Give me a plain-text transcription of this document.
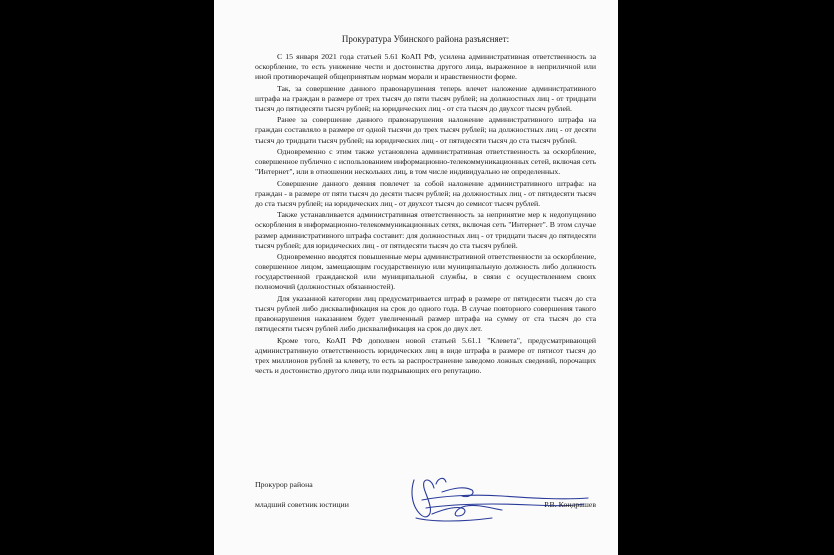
Прокуратура Убинского района разъясняет:

С 15 января 2021 года статьей 5.61 КоАП РФ, усилена административная ответственность за оскорбление, то есть унижение чести и достоинства другого лица, выраженное в неприличной или иной противоречащей общепринятым нормам морали и нравственности форме.

Так, за совершение данного правонарушения теперь влечет наложение административного штрафа на граждан в размере от трех тысяч до пяти тысяч рублей; на должностных лиц - от тридцати тысяч до пятидесяти тысяч рублей; на юридических лиц - от ста тысяч до двухсот тысяч рублей.

Ранее за совершение данного правонарушения наложение административного штрафа на граждан составляло в размере от одной тысячи до трех тысяч рублей; на должностных лиц - от десяти тысяч до тридцати тысяч рублей; на юридических лиц - от пятидесяти тысяч до ста тысяч рублей.

Одновременно с этим также установлена административная ответственность за оскорбление, совершенное публично с использованием информационно-телекоммуникационных сетей, включая сеть "Интернет", или в отношении нескольких лиц, в том числе индивидуально не определенных.

Совершение данного деяния повлечет за собой наложение административного штрафа: на граждан - в размере от пяти тысяч до десяти тысяч рублей; на должностных лиц - от пятидесяти тысяч до ста тысяч рублей; на юридических лиц - от двухсот тысяч до семисот тысяч рублей.

Также устанавливается административная ответственность за непринятие мер к недопущению оскорбления в информационно-телекоммуникационных сетях, включая сеть "Интернет". В этом случае размер административного штрафа составит: для должностных лиц - от тридцати тысяч до пятидесяти тысяч рублей; для юридических лиц - от пятидесяти тысяч до ста тысяч рублей.

Одновременно вводятся повышенные меры административной ответственности за оскорбление, совершенное лицом, замещающим государственную или муниципальную должность либо должность государственной гражданской или муниципальной службы, в связи с осуществлением своих полномочий (должностных обязанностей).

Для указанной категории лиц предусматривается штраф в размере от пятидесяти тысяч до ста тысяч рублей либо дисквалификация на срок до одного года. В случае повторного совершения такого правонарушения наказанием будет увеличенный размер штрафа на сумму от ста тысяч до ста пятидесяти тысяч рублей либо дисквалификация на срок до двух лет.

Кроме того, КоАП РФ дополнен новой статьей 5.61.1 "Клевета", предусматривающей административную ответственность юридических лиц в виде штрафа в размере от пятисот тысяч до трех миллионов рублей за клевету, то есть за распространение заведомо ложных сведений, порочащих честь и достоинство другого лица или подрывающих его репутацию.

Прокурор района
младший советник юстиции	Р.В. Кондрашев
